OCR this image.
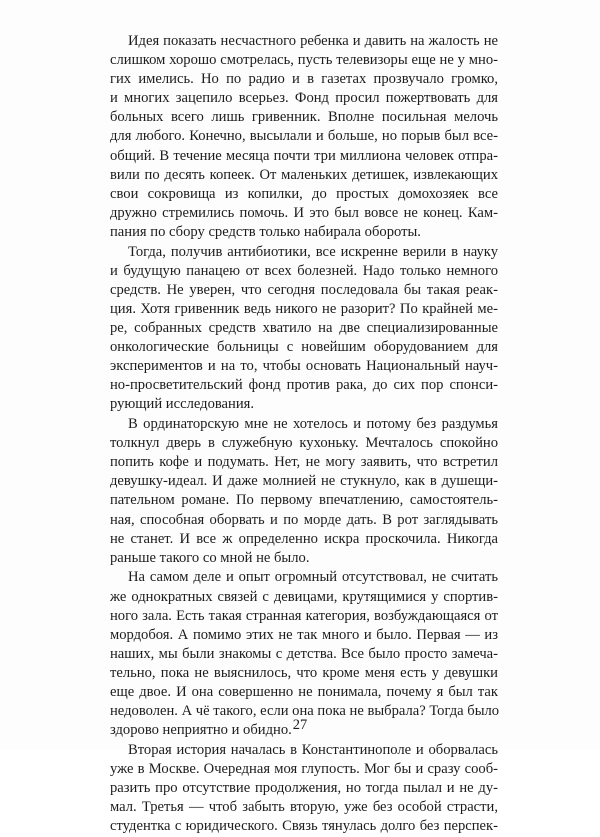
Идея показать несчастного ребенка и давить на жалость не
слишком хорошо смотрелась, пусть телевизоры еще не у мно-
гих имелись. Но по радио и в газетах прозвучало громко,
и многих зацепило всерьез. Фонд просил пожертвовать для
больных всего лишь гривенник. Вполне посильная мелочь
для любого. Конечно, высылали и больше, но порыв был все-
общий. В течение месяца почти три миллиона человек отпра-
вили по десять копеек. От маленьких детишек, извлекающих
свои сокровища из копилки, до простых домохозяек все
дружно стремились помочь. И это был вовсе не конец. Кам-
пания по сбору средств только набирала обороты.
Тогда, получив антибиотики, все искренне верили в науку
и будущую панацею от всех болезней. Надо только немного
средств. Не уверен, что сегодня последовала бы такая реак-
ция. Хотя гривенник ведь никого не разорит? По крайней ме-
ре, собранных средств хватило на две специализированные
онкологические больницы с новейшим оборудованием для
экспериментов и на то, чтобы основать Национальный науч-
но-просветительский фонд против рака, до сих пор спонси-
рующий исследования.
В ординаторскую мне не хотелось и потому без раздумья
толкнул дверь в служебную кухоньку. Мечталось спокойно
попить кофе и подумать. Нет, не могу заявить, что встретил
девушку-идеал. И даже молнией не стукнуло, как в душещи-
пательном романе. По первому впечатлению, самостоятель-
ная, способная оборвать и по морде дать. В рот заглядывать
не станет. И все ж определенно искра проскочила. Никогда
раньше такого со мной не было.
На самом деле и опыт огромный отсутствовал, не считать
же однократных связей с девицами, крутящимися у спортив-
ного зала. Есть такая странная категория, возбуждающаяся от
мордобоя. А помимо этих не так много и было. Первая — из
наших, мы были знакомы с детства. Все было просто замеча-
тельно, пока не выяснилось, что кроме меня есть у девушки
еще двое. И она совершенно не понимала, почему я был так
недоволен. А чё такого, если она пока не выбрала? Тогда было
здорово неприятно и обидно.
Вторая история началась в Константинополе и оборвалась
уже в Москве. Очередная моя глупость. Мог бы и сразу сооб-
разить про отсутствие продолжения, но тогда пылал и не ду-
мал. Третья — чтоб забыть вторую, уже без особой страсти,
студентка с юридического. Связь тянулась долго без перспек-
27
